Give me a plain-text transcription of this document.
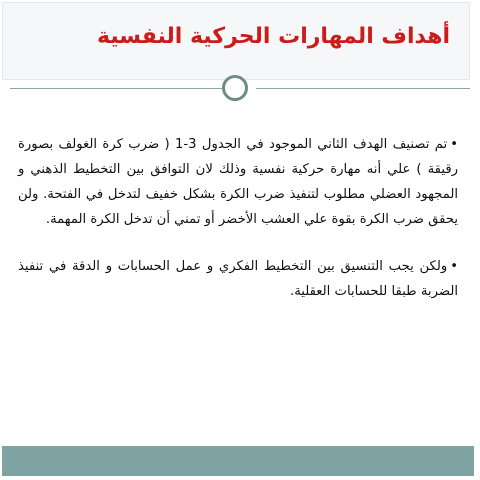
أهداف المهارات الحركية النفسية

•تم تصنيف الهدف الثاني الموجود في الجدول 3-1 ( ضرب كرة الغولف بصورة رقيقة ) علي أنه مهارة حركية نفسية وذلك لان التوافق بين التخطيط الذهني و المجهود العضلي مطلوب لتنفيذ ضرب الكرة بشكل خفيف لتدخل في الفتحة. ولن يحقق ضرب الكرة بقوة علي العشب الأخضر أو تمني أن تدخل الكرة المهمة.

•ولكن يجب التنسيق بين التخطيط الفكري و عمل الحسابات و الدقة في تنفيذ الضربة طبقا للحسابات العقلية.
